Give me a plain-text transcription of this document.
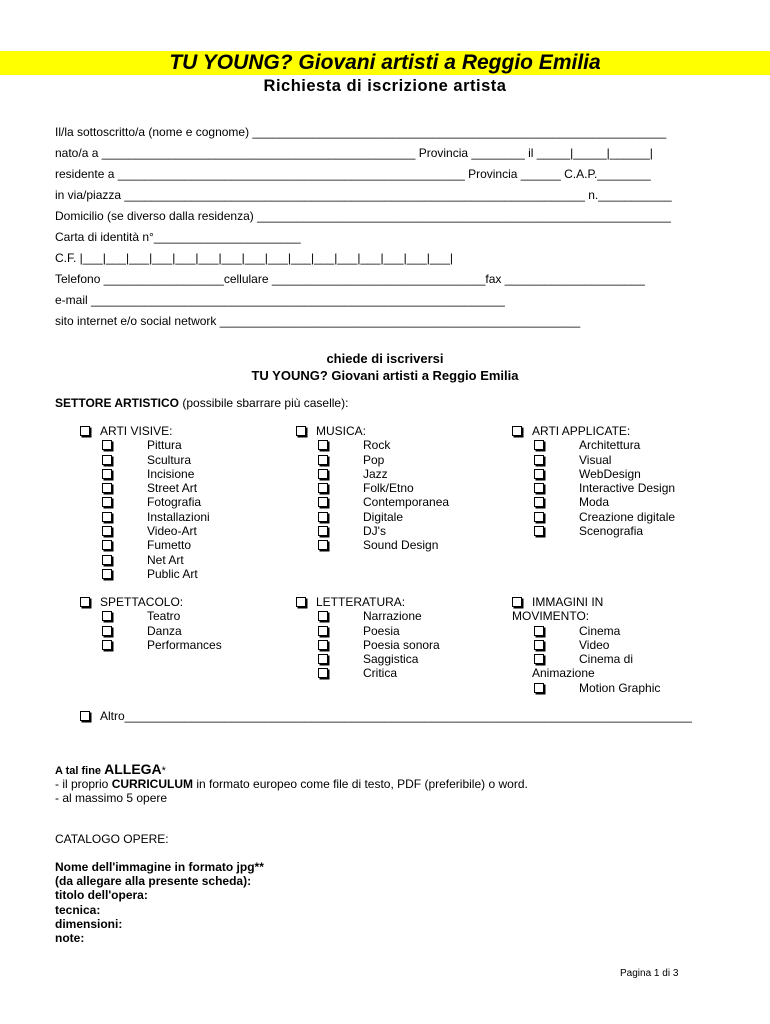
TU YOUNG? Giovani artisti a Reggio Emilia
Richiesta di iscrizione artista
Il/la sottoscritto/a (nome e cognome) ______________________________________________________________
nato/a a _______________________________________________ Provincia ________ il _____|_____|______|
residente a ____________________________________________________ Provincia ______ C.A.P.________
in via/piazza _____________________________________________________________________ n.___________
Domicilio (se diverso dalla residenza) ______________________________________________________________
Carta di identità n°______________________
C.F. |___|___|___|___|___|___|___|___|___|___|___|___|___|___|___|___|
Telefono __________________cellulare ________________________________fax _____________________
e-mail ______________________________________________________________
sito internet e/o social network ______________________________________________________
chiede di iscriversi
TU YOUNG? Giovani artisti a Reggio Emilia
SETTORE ARTISTICO (possibile sbarrare più caselle):
ARTI VISIVE:
Pittura
Scultura
Incisione
Street Art
Fotografia
Installazioni
Video-Art
Fumetto
Net Art
Public Art
MUSICA:
Rock
Pop
Jazz
Folk/Etno
Contemporanea
Digitale
DJ's
Sound Design
ARTI APPLICATE:
Architettura
Visual
WebDesign
Interactive Design
Moda
Creazione digitale
Scenografia
SPETTACOLO:
Teatro
Danza
Performances
LETTERATURA:
Narrazione
Poesia
Poesia sonora
Saggistica
Critica
IMMAGINI IN
MOVIMENTO:
Cinema
Video
Cinema di
Animazione
Motion Graphic
Altro_____________________________________________________________________________________
A tal fine ALLEGA*
- il proprio CURRICULUM in formato europeo come file di testo, PDF (preferibile) o word.
- al massimo 5 opere
CATALOGO OPERE:
Nome dell'immagine in formato jpg**
(da allegare alla presente scheda):
titolo dell'opera:
tecnica:
dimensioni:
note:
Pagina 1 di 3
